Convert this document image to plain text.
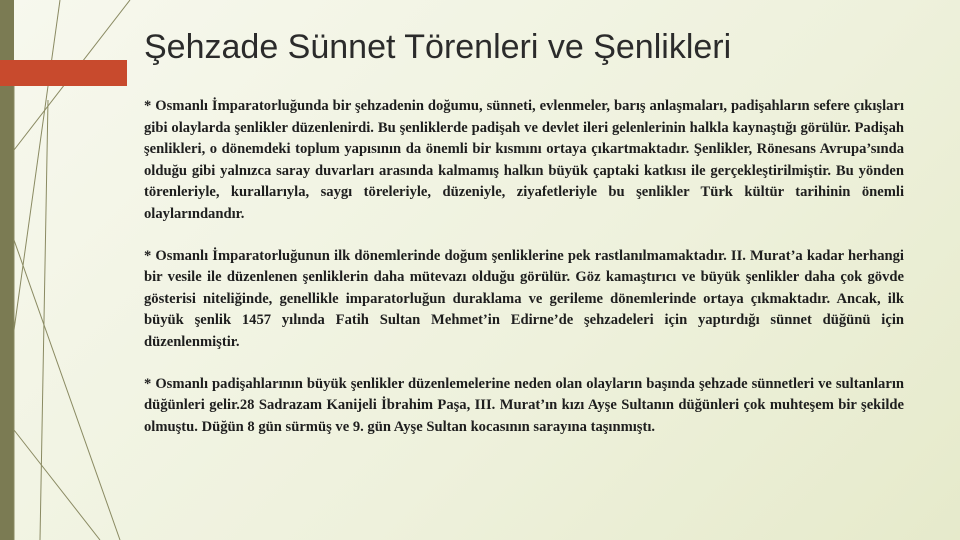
Şehzade Sünnet Törenleri ve Şenlikleri

* Osmanlı İmparatorluğunda bir şehzadenin doğumu, sünneti, evlenmeler, barış anlaşmaları, padişahların sefere çıkışları gibi olaylarda şenlikler düzenlenirdi. Bu şenliklerde padişah ve devlet ileri gelenlerinin halkla kaynaştığı görülür. Padişah şenlikleri, o dönemdeki toplum yapısının da önemli bir kısmını ortaya çıkartmaktadır. Şenlikler, Rönesans Avrupa’sında olduğu gibi yalnızca saray duvarları arasında kalmamış halkın büyük çaptaki katkısı ile gerçekleştirilmiştir. Bu yönden törenleriyle, kurallarıyla, saygı töreleriyle, düzeniyle, ziyafetleriyle bu şenlikler Türk kültür tarihinin önemli olaylarındandır.

* Osmanlı İmparatorluğunun ilk dönemlerinde doğum şenliklerine pek rastlanılmamaktadır. II. Murat’a kadar herhangi bir vesile ile düzenlenen şenliklerin daha mütevazı olduğu görülür. Göz kamaştırıcı ve büyük şenlikler daha çok gövde gösterisi niteliğinde, genellikle imparatorluğun duraklama ve gerileme dönemlerinde ortaya çıkmaktadır. Ancak, ilk büyük şenlik 1457 yılında Fatih Sultan Mehmet’in Edirne’de şehzadeleri için yaptırdığı sünnet düğünü için düzenlenmiştir.

* Osmanlı padişahlarının büyük şenlikler düzenlemelerine neden olan olayların başında şehzade sünnetleri ve sultanların düğünleri gelir.28 Sadrazam Kanijeli İbrahim Paşa, III. Murat’ın kızı Ayşe Sultanın düğünleri çok muhteşem bir şekilde olmuştu. Düğün 8 gün sürmüş ve 9. gün Ayşe Sultan kocasının sarayına taşınmıştı.
